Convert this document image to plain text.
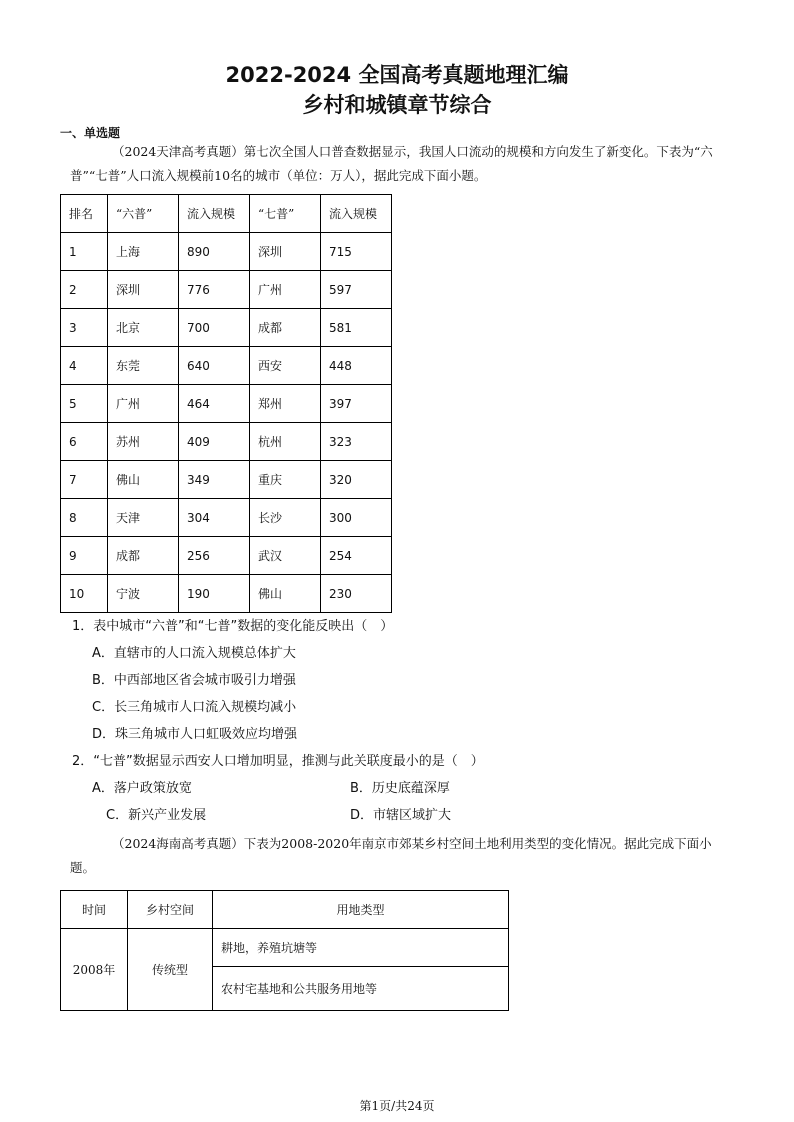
2022-2024 全国高考真题地理汇编
乡村和城镇章节综合
一、单选题

（2024天津高考真题）第七次全国人口普查数据显示，我国人口流动的规模和方向发生了新变化。下表为“六普”“七普”人口流入规模前10名的城市（单位：万人），据此完成下面小题。

排名	“六普”	流入规模	“七普”	流入规模
1	上海	890	深圳	715
2	深圳	776	广州	597
3	北京	700	成都	581
4	东莞	640	西安	448
5	广州	464	郑州	397
6	苏州	409	杭州	323
7	佛山	349	重庆	320
8	天津	304	长沙	300
9	成都	256	武汉	254
10	宁波	190	佛山	230
1．表中城市“六普”和“七普”数据的变化能反映出（　）
A．直辖市的人口流入规模总体扩大
B．中西部地区省会城市吸引力增强
C．长三角城市人口流入规模均减小
D．珠三角城市人口虹吸效应均增强
2．“七普”数据显示西安人口增加明显，推测与此关联度最小的是（　）
A．落户政策放宽	B．历史底蕴深厚
C．新兴产业发展	D．市辖区域扩大

（2024海南高考真题）下表为2008-2020年南京市郊某乡村空间土地利用类型的变化情况。据此完成下面小题。

时间	乡村空间	用地类型
2008年	传统型	耕地，养殖坑塘等
		农村宅基地和公共服务用地等
第1页/共24页
